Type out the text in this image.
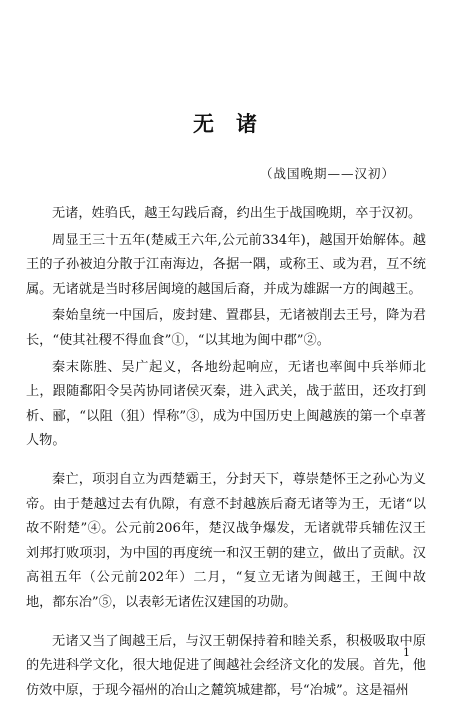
无诸
（战国晚期——汉初）

无诸，姓驺氏，越王勾践后裔，约出生于战国晚期，卒于汉初。

周显王三十五年(楚威王六年,公元前334年)，越国开始解体。越王的子孙被迫分散于江南海边，各据一隅，或称王、或为君，互不统属。无诸就是当时移居闽境的越国后裔，并成为雄踞一方的闽越王。

秦始皇统一中国后，废封建、置郡县，无诸被削去王号，降为君长，“使其社稷不得血食”①，“以其地为闽中郡”②。

秦末陈胜、吴广起义，各地纷起响应，无诸也率闽中兵举师北上，跟随鄱阳令吴芮协同诸侯灭秦，进入武关，战于蓝田，还攻打到析、郦，“以阻（狙）悍称”③，成为中国历史上闽越族的第一个卓著人物。

秦亡，项羽自立为西楚霸王，分封天下，尊崇楚怀王之孙心为义帝。由于楚越过去有仇隙，有意不封越族后裔无诸等为王，无诸“以故不附楚”④。公元前206年，楚汉战争爆发，无诸就带兵辅佐汉王刘邦打败项羽，为中国的再度统一和汉王朝的建立，做出了贡献。汉高祖五年（公元前202年）二月，“复立无诸为闽越王，王闽中故地，都东冶”⑤，以表彰无诸佐汉建国的功勋。

无诸又当了闽越王后，与汉王朝保持着和睦关系，积极吸取中原的先进科学文化，很大地促进了闽越社会经济文化的发展。首先，他仿效中原，于现今福州的冶山之麓筑城建都，号“冶城”。这是福州

1
